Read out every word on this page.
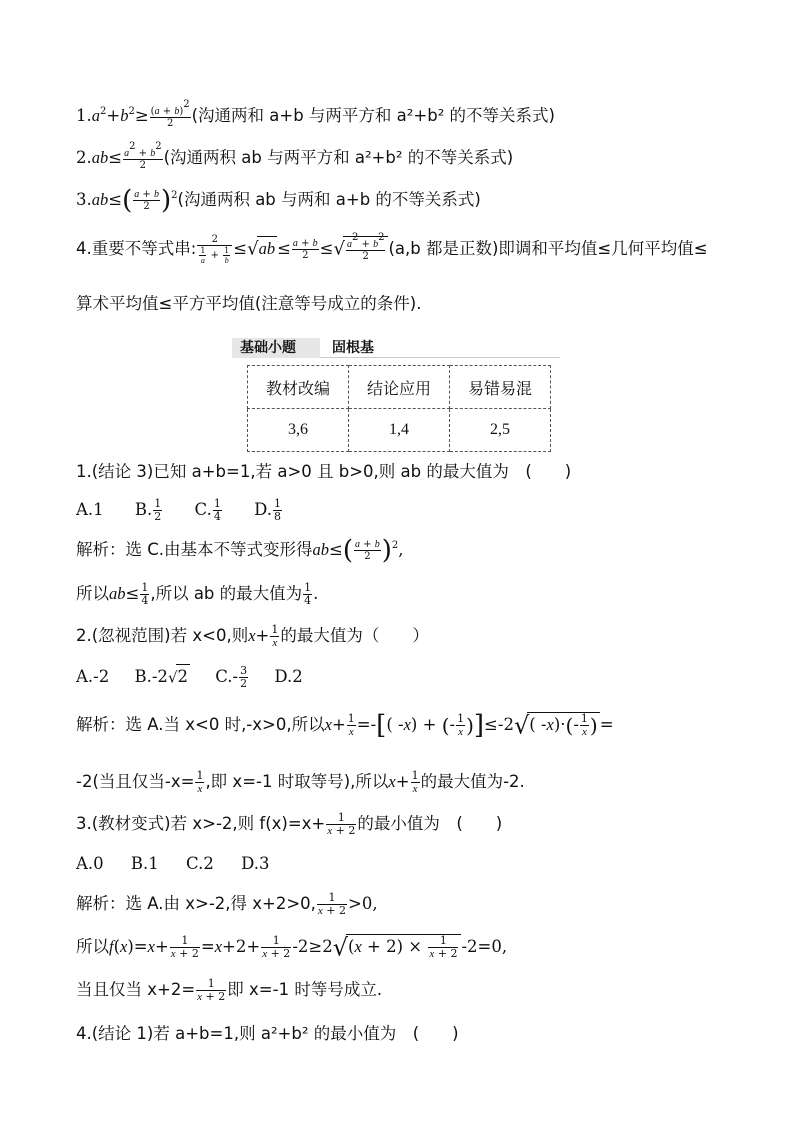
$1.a^2+b^2\ge \frac{(a + b)^2}{2}$ (沟通两和 a+b 与两平方和 a²+b² 的不等关系式)
$2.ab\le \frac{a^2 + b^2}{2}$ (沟通两积 ab 与两平方和 a²+b² 的不等关系式)
$3.ab\le( \frac{a + b}{2} )^2$(沟通两积 ab 与两和 a+b 的不等关系式)
4.重要不等式串: $\frac{2}{\frac{1}{a} + \frac{1}{b}} \le√ab \le \frac{a + b}{2}$ ≤√ $\frac{a^2 + b^2}{2} (a,b$ 都是正数)即调和平均值≤几何平均值≤
算术平均值≤平方平均值(注意等号成立的条件).
基础小题	固根基
教材改编	结论应用	易错易混
3,6	1,4	2,5
1.(结论 3)已知 a+b=1,若 a>0 且 b>0,则 ab 的最大值为　(　　)
A.1 B. $\frac{1}{2} C$. $\frac{1}{4} D$. $\frac{1}{8}$
解析：选 C.由基本不等式变形得$ab\le( \frac{a + b}{2} )^2$,
所以$ab\le \frac{1}{4}$ ,所以 ab 的最大值为 $\frac{1}{4}$ .
2.(忽视范围)若 x<0,则$x+ \frac{1}{x}$ 的最大值为（　　）
A.-2 B.-2√2 $C.- \frac{3}{2} D.2$
解析：选 A.当 x<0 时,-x>0,所以$x+ \frac{1}{x}$ =-[( -x) + (- $\frac{1}{x} )]\le-2√$( $-x)\cdot(- \frac{1}{x}$ ) =
-2(当且仅当$-x= \frac{1}{x}$ ,即 x=-1 时取等号),所以$x+ \frac{1}{x}$ 的最大值为-2.
3.(教材变式)若 x>-2,则 $f(x)=x+ \frac{1}{x + 2}$ 的最小值为　(　　)
A.0 B.1 C.2 D.3
解析：选 A.由 x>-2,得 x+2>0, $\frac{1}{x + 2} >0$,
所以$f(x)=x+ \frac{1}{x + 2} =x+2+ \frac{1}{x + 2} -2\ge 2√(x + 2) \times \frac{1}{x + 2} -2=0$,
当且仅当 $x+2= \frac{1}{x + 2}$ 即 x=-1 时等号成立.
4.(结论 1)若 a+b=1,则 a²+b² 的最小值为　(　　)
